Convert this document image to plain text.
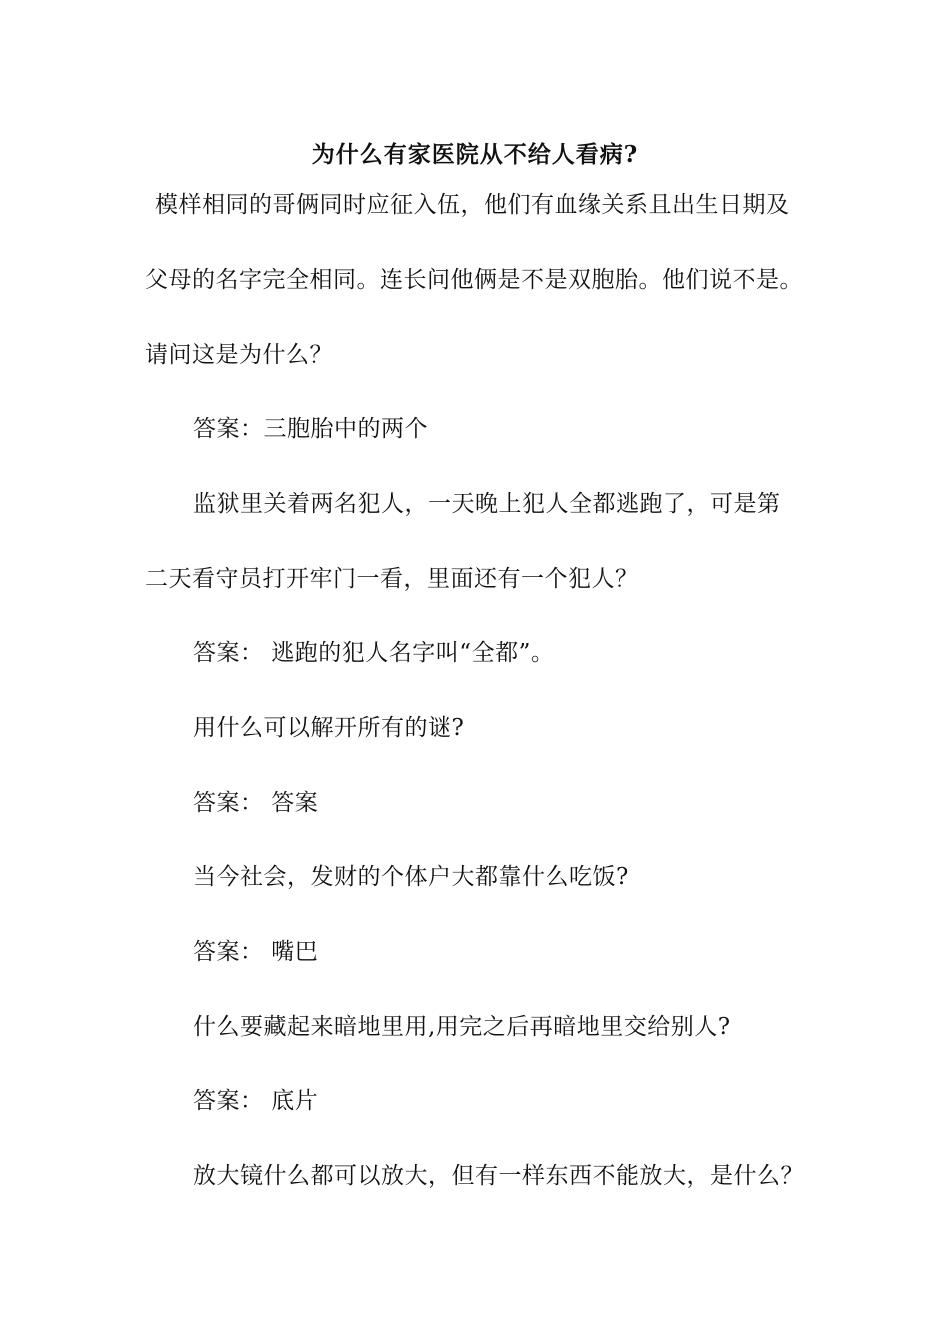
为什么有家医院从不给人看病?
模样相同的哥俩同时应征入伍，他们有血缘关系且出生日期及
父母的名字完全相同。连长问他俩是不是双胞胎。他们说不是。
请问这是为什么？
答案：三胞胎中的两个
监狱里关着两名犯人，一天晚上犯人全都逃跑了，可是第
二天看守员打开牢门一看，里面还有一个犯人？
答案： 逃跑的犯人名字叫“全都”。
用什么可以解开所有的谜?
答案： 答案
当今社会，发财的个体户大都靠什么吃饭?
答案： 嘴巴
什么要藏起来暗地里用,用完之后再暗地里交给别人?
答案： 底片
放大镜什么都可以放大，但有一样东西不能放大，是什么？
